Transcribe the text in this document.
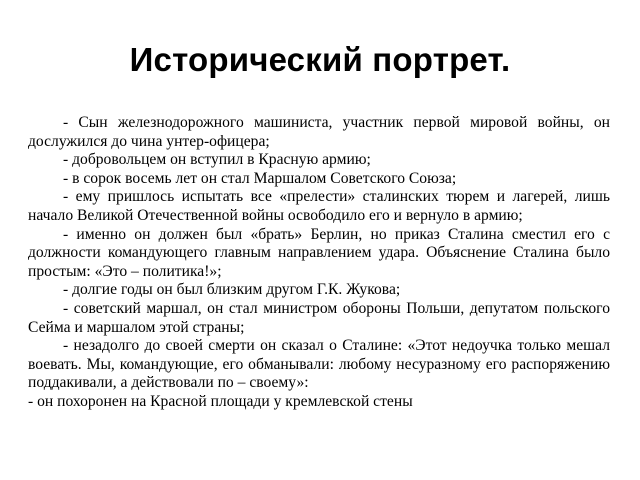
Исторический портрет.

- Сын железнодорожного машиниста, участник первой мировой войны, он дослужился до чина унтер-офицера;

- добровольцем он вступил в Красную армию;

- в сорок восемь лет он стал Маршалом Советского Союза;

- ему пришлось испытать все «прелести» сталинских тюрем и лагерей, лишь начало Великой Отечественной войны освободило его и вернуло в армию;

- именно он должен был «брать» Берлин, но приказ Сталина сместил его с должности командующего главным направлением удара. Объяснение Сталина было простым: «Это – политика!»;

- долгие годы он был близким другом Г.К. Жукова;

- советский маршал, он стал министром обороны Польши, депутатом польского Сейма и маршалом этой страны;

- незадолго до своей смерти он сказал о Сталине: «Этот недоучка только мешал воевать. Мы, командующие, его обманывали: любому несуразному его распоряжению поддакивали, а действовали по – своему»:

- он похоронен на Красной площади у кремлевской стены
